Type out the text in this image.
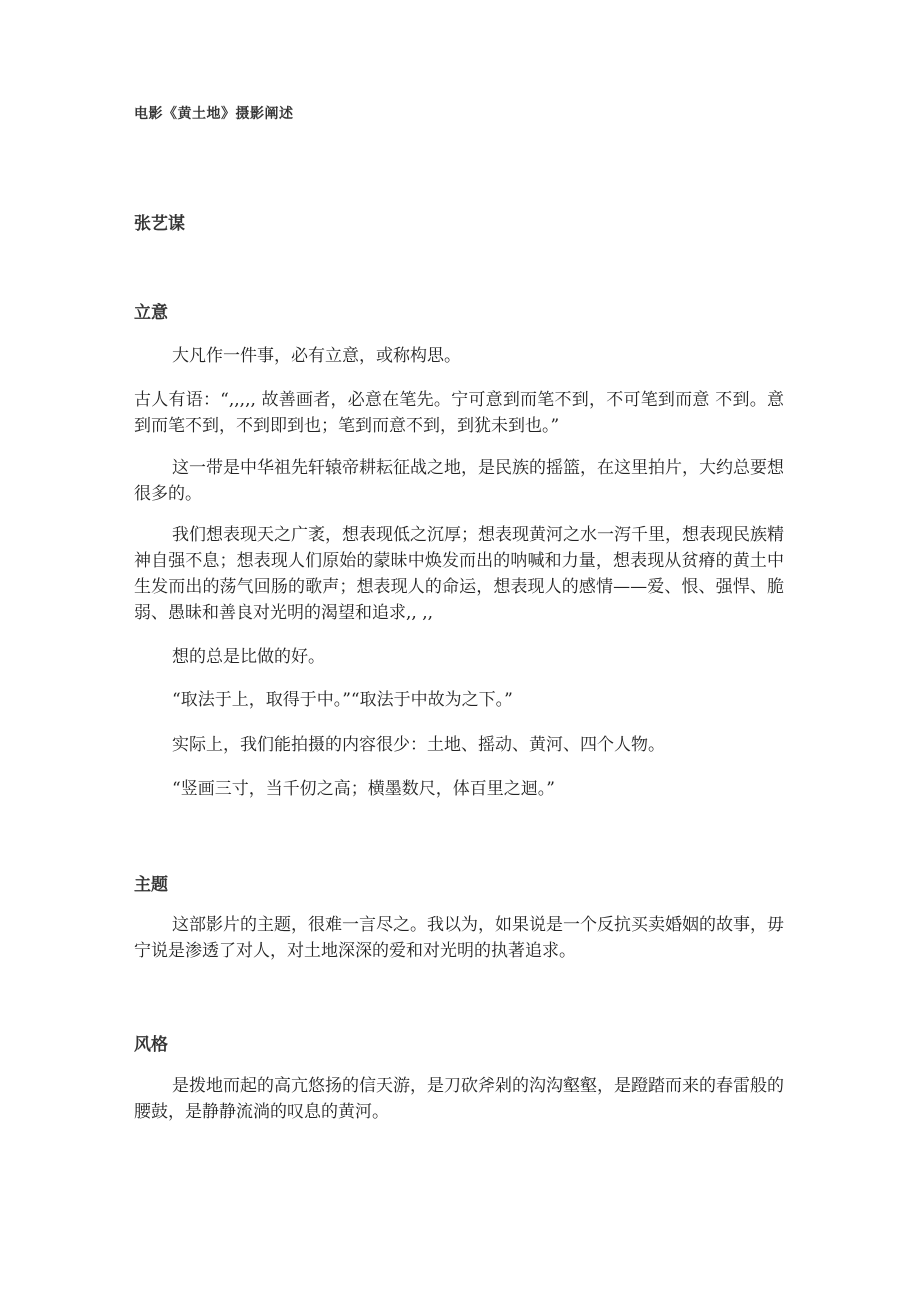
电影《黄土地》摄影阐述
张艺谋
立意
大凡作一件事，必有立意，或称构思。
古人有语：“,,,,, 故善画者，必意在笔先。宁可意到而笔不到，不可笔到而意 不到。意到而笔不到，不到即到也；笔到而意不到，到犹未到也。”
这一带是中华祖先轩辕帝耕耘征战之地，是民族的摇篮，在这里拍片，大约总要想很多的。
我们想表现天之广袤，想表现低之沉厚；想表现黄河之水一泻千里，想表现民族精神自强不息；想表现人们原始的蒙昧中焕发而出的呐喊和力量，想表现从贫瘠的黄土中生发而出的荡气回肠的歌声；想表现人的命运，想表现人的感情——爱、恨、强悍、脆弱、愚昧和善良对光明的渴望和追求,, ,,
想的总是比做的好。
“取法于上，取得于中。”“取法于中故为之下。”
实际上，我们能拍摄的内容很少：土地、摇动、黄河、四个人物。
“竖画三寸，当千仞之高；横墨数尺，体百里之迴。”
主题
这部影片的主题，很难一言尽之。我以为，如果说是一个反抗买卖婚姻的故事，毋宁说是渗透了对人，对土地深深的爱和对光明的执著追求。
风格
是拨地而起的高亢悠扬的信天游，是刀砍斧剁的沟沟壑壑，是蹬踏而来的春雷般的腰鼓，是静静流淌的叹息的黄河。
